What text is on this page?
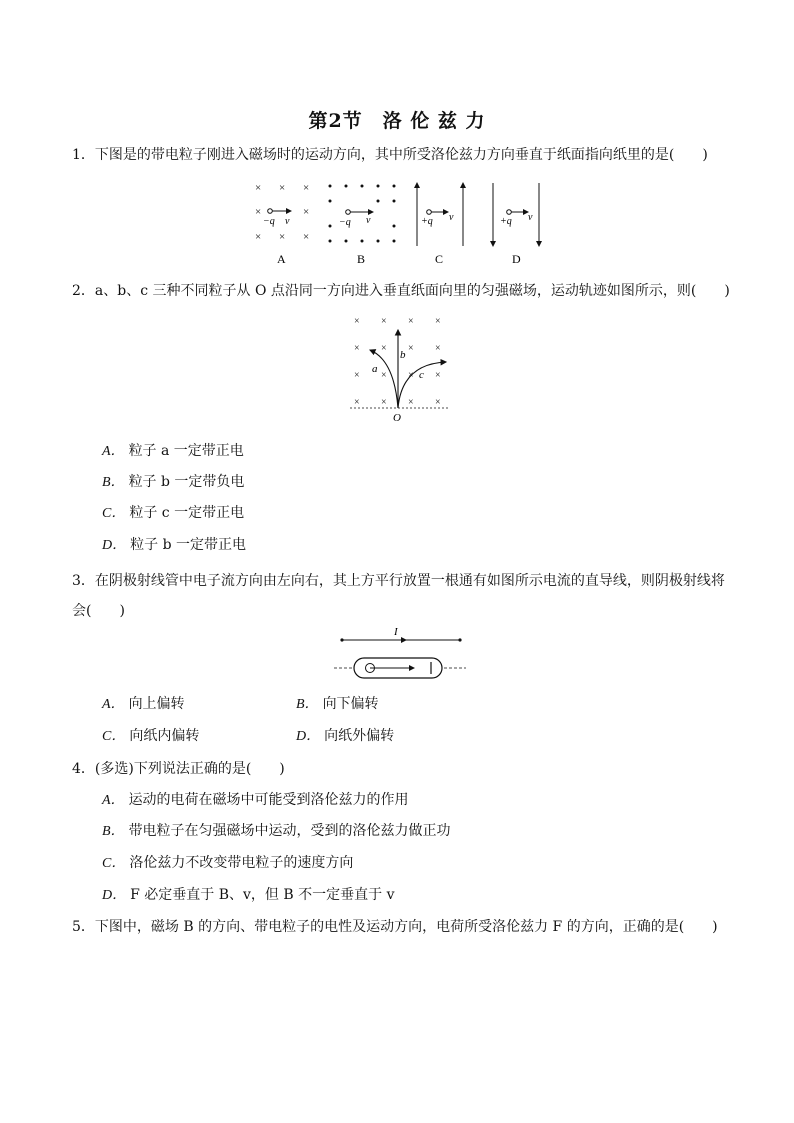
第2节　洛 伦 兹 力
1．下图是的带电粒子刚进入磁场时的运动方向，其中所受洛伦兹力方向垂直于纸面指向纸里的是(　　)
× × ×
×	×
× × ×
−q v
A
−q v
B
+q v
C
+q v
D
2．a、b、c 三种不同粒子从 O 点沿同一方向进入垂直纸面向里的匀强磁场，运动轨迹如图所示，则(　　)
× × × ×
× × × ×
× × × ×
× × × ×
a
b
c
O
A． 粒子 a 一定带正电
B． 粒子 b 一定带负电
C． 粒子 c 一定带正电
D． 粒子 b 一定带正电
3．在阴极射线管中电子流方向由左向右，其上方平行放置一根通有如图所示电流的直导线，则阴极射线将
会(　　)
I
A． 向上偏转	B． 向下偏转
C． 向纸内偏转	D． 向纸外偏转
4．(多选)下列说法正确的是(　　)
A． 运动的电荷在磁场中可能受到洛伦兹力的作用
B． 带电粒子在匀强磁场中运动，受到的洛伦兹力做正功
C． 洛伦兹力不改变带电粒子的速度方向
D． F 必定垂直于 B、v，但 B 不一定垂直于 v
5．下图中，磁场 B 的方向、带电粒子的电性及运动方向，电荷所受洛伦兹力 F 的方向，正确的是(　　)
